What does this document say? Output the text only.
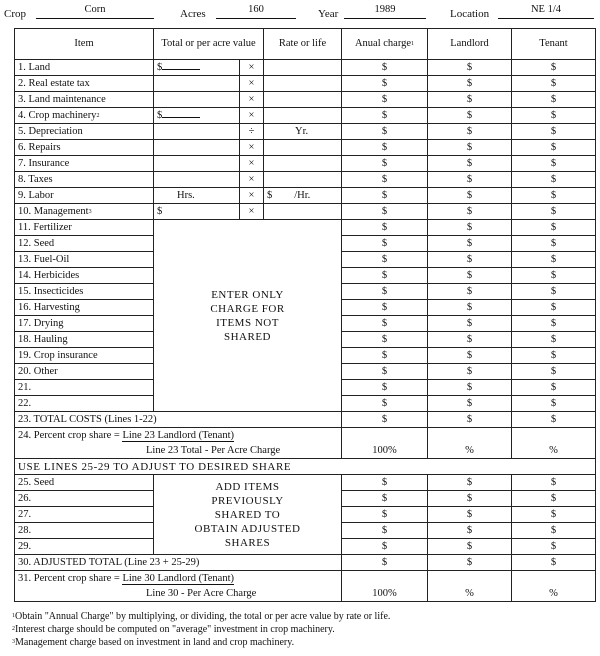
Crop	Corn	Acres	160	Year	1989	Location	NE 1/4
Item	Total or per acre value		Rate or life	Anual charge$^1$	Landlord	Tenant
1. Land	$	×		$	$	$
2. Real estate tax		×		$	$	$
3. Land maintenance		×		$	$	$
4. Crop machinery$^2$	$	×		$	$	$
5. Depreciation		÷	Yr.	$	$	$
6. Repairs		×		$	$	$
7. Insurance		×		$	$	$
8. Taxes		×		$	$	$
9. Labor	Hrs.	×	$ /Hr.	$	$	$
10. Management$^3$	$	×		$	$	$
11. Fertilizer	ENTER ONLY CHARGE FOR ITEMS NOT SHARED			$	$	$
12. Seed				$	$	$
13. Fuel-Oil				$	$	$
14. Herbicides				$	$	$
15. Insecticides				$	$	$
16. Harvesting				$	$	$
17. Drying				$	$	$
18. Hauling				$	$	$
19. Crop insurance				$	$	$
20. Other				$	$	$
21.				$	$	$
22.				$	$	$
23. TOTAL COSTS (Lines 1-22)				$	$	$
24. Percent crop share = Line 23 Landlord (Tenant)						
Line 23 Total - Per Acre Charge				100%	%	%
USE LINES 25-29 TO ADJUST TO DESIRED SHARE						
25. Seed	ADD ITEMS PREVIOUSLY SHARED TO OBTAIN ADJUSTED SHARES			$	$	$
26.				$	$	$
27.				$	$	$
28.				$	$	$
29.				$	$	$
30. ADJUSTED TOTAL (Line 23 + 25-29)				$	$	$
31. Percent crop share = Line 30 Landlord (Tenant)						
Line 30 - Per Acre Charge				100%	%	%
$^1$Obtain "Annual Charge" by multiplying, or dividing, the total or per acre value by rate or life.
$^2$Interest charge should be computed on "average" investment in crop machinery.
$^3$Management charge based on investment in land and crop machinery.
